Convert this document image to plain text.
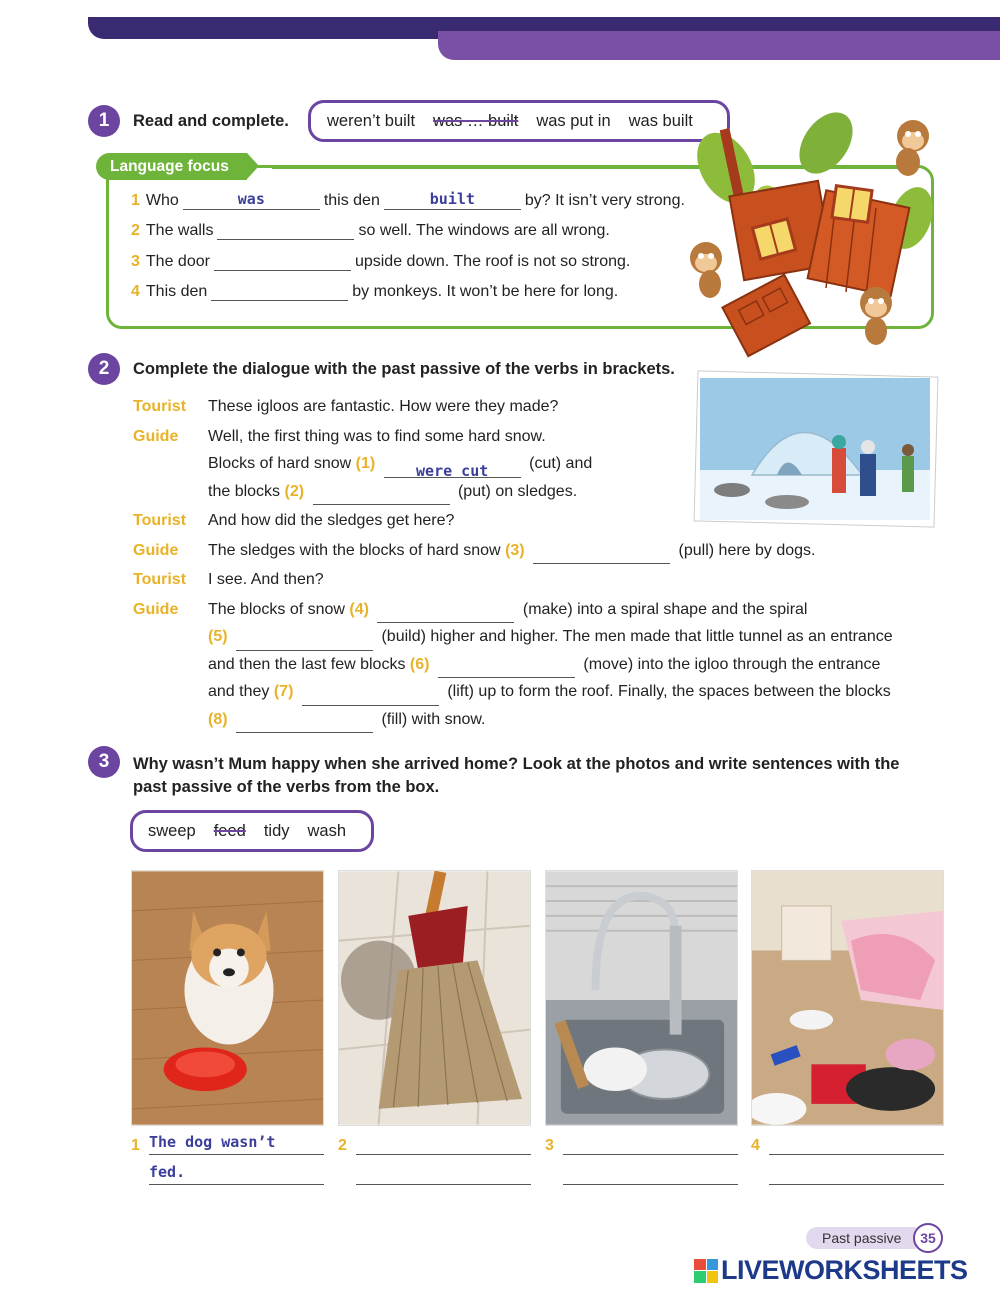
1	Read and complete. weren’t built was … built was put in was built
Language focus
1 Who	was	this den	built	by? It isn’t very strong.
2 The walls	so well. The windows are all wrong.
3 The door	upside down. The roof is not so strong.
4 This den	by monkeys. It won’t be here for long.
2	Complete the dialogue with the past passive of the verbs in brackets.
Tourist	These igloos are fantastic. How were they made?
Guide	Well, the first thing was to find some hard snow.
Blocks of hard snow (1)	were cut	(cut) and
the blocks (2)	(put) on sledges.
Tourist	And how did the sledges get here?
Guide	The sledges with the blocks of hard snow (3)	(pull) here by dogs.
Tourist	I see. And then?
Guide	The blocks of snow (4)	(make) into a spiral shape and the spiral
(5)	(build) higher and higher. The men made that little tunnel as an entrance
and then the last few blocks (6)	(move) into the igloo through the entrance
and they (7)	(lift) up to form the roof. Finally, the spaces between the blocks
(8)	(fill) with snow.
3	Why wasn’t Mum happy when she arrived home? Look at the photos and write sentences with the
past passive of the verbs from the box.
sweep feed tidy wash
1 The dog wasn’t
fed.
2	3	4
Past passive	35
LIVEWORKSHEETS
